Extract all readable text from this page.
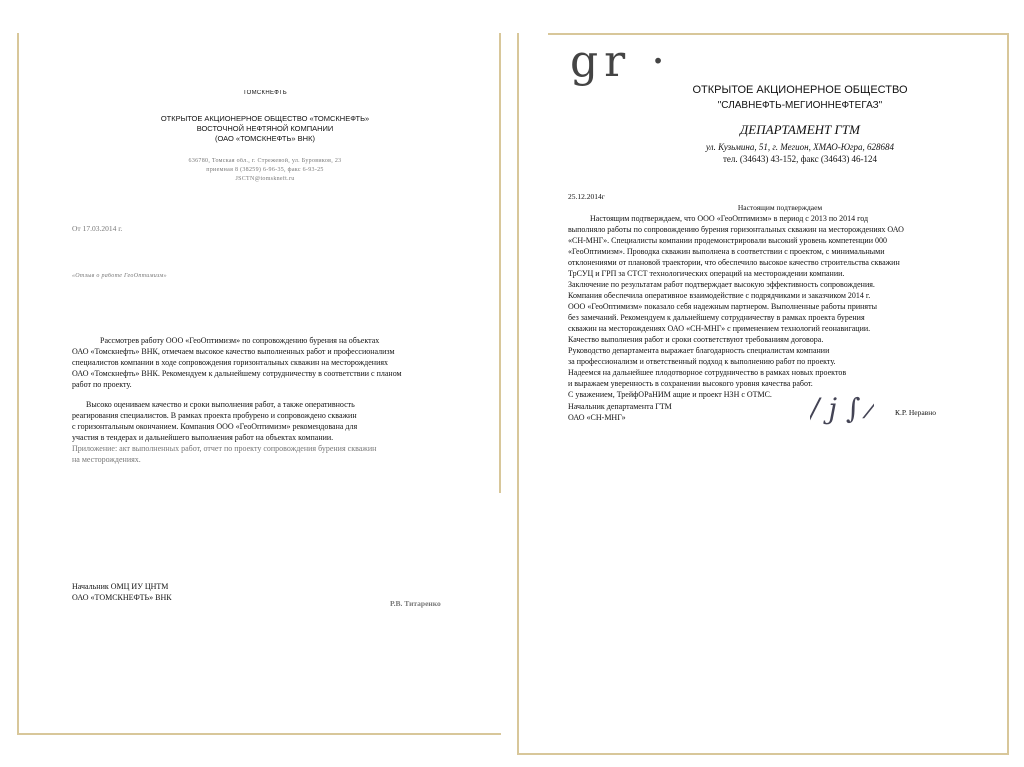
ТОМСКНЕФТЬ
ОТКРЫТОЕ АКЦИОНЕРНОЕ ОБЩЕСТВО «ТОМСКНЕФТЬ»
ВОСТОЧНОЙ НЕФТЯНОЙ КОМПАНИИ
(ОАО «ТОМСКНЕФТЬ» ВНК)
636780, Томская обл., г. Стрежевой, ул. Буровиков, 23
приемная 8 (38259) 6-96-35, факс 6-93-25
JSCTN@tomskneft.ru
От 17.03.2014 г.
«Отзыв о работе ГеоОптимизм»
Рассмотрев работу ООО «ГеоОптимизм» по сопровождению бурения на объектах
ОАО «Томскнефть» ВНК, отмечаем высокое качество выполненных работ и профессионализм
специалистов компании в ходе сопровождения горизонтальных скважин на месторождениях
ОАО «Томскнефть» ВНК. Рекомендуем к дальнейшему сотрудничеству в соответствии с планом
работ по проекту.
Высоко оцениваем качество и сроки выполнения работ, а также оперативность
реагирования специалистов. В рамках проекта пробурено и сопровождено скважин
с горизонтальным окончанием. Компания ООО «ГеоОптимизм» рекомендована для
участия в тендерах и дальнейшего выполнения работ на объектах компании.
Приложение: акт выполненных работ, отчет по проекту сопровождения бурения скважин
на месторождениях.
Начальник ОМЦ ИУ ЦНТМ
ОАО «ТОМСКНЕФТЬ» ВНК
Р.В. Титаренко
gr ·
ОТКРЫТОЕ АКЦИОНЕРНОЕ ОБЩЕСТВО
"СЛАВНЕФТЬ-МЕГИОННЕФТЕГАЗ"
ДЕПАРТАМЕНТ ГТМ
ул. Кузьмина, 51, г. Мегион, ХМАО-Югра, 628684
тел. (34643) 43-152, факс (34643) 46-124
25.12.2014г
Настоящим подтверждаем
Настоящим подтверждаем, что ООО «ГеоОптимизм» в период с 2013 по 2014 год
выполняло работы по сопровождению бурения горизонтальных скважин на месторождениях ОАО
«СН-МНГ». Специалисты компании продемонстрировали высокий уровень компетенции 000
«ГеоОптимизм». Проводка скважин выполнена в соответствии с проектом, с минимальными
отклонениями от плановой траектории, что обеспечило высокое качество строительства скважин
ТрСУЦ и ГРП за СТСТ технологических операций на месторождении компании.
Заключение по результатам работ подтверждает высокую эффективность сопровождения.
Компания обеспечила оперативное взаимодействие с подрядчиками и заказчиком 2014 г.
ООО «ГеоОптимизм» показало себя надежным партнером. Выполненные работы приняты
без замечаний. Рекомендуем к дальнейшему сотрудничеству в рамках проекта бурения
скважин на месторождениях ОАО «СН-МНГ» с применением технологий геонавигации.
Качество выполнения работ и сроки соответствуют требованиям договора.
Руководство департамента выражает благодарность специалистам компании
за профессионализм и ответственный подход к выполнению работ по проекту.
Надеемся на дальнейшее плодотворное сотрудничество в рамках новых проектов
и выражаем уверенность в сохранении высокого уровня качества работ.
С уважением, ТрейфОРаНИМ ащие и проект НЗН с ОТМС.
Начальник департамента ГТМ
ОАО «СН-МНГ»	/ j ∫ ⁄	К.Р. Неравно
